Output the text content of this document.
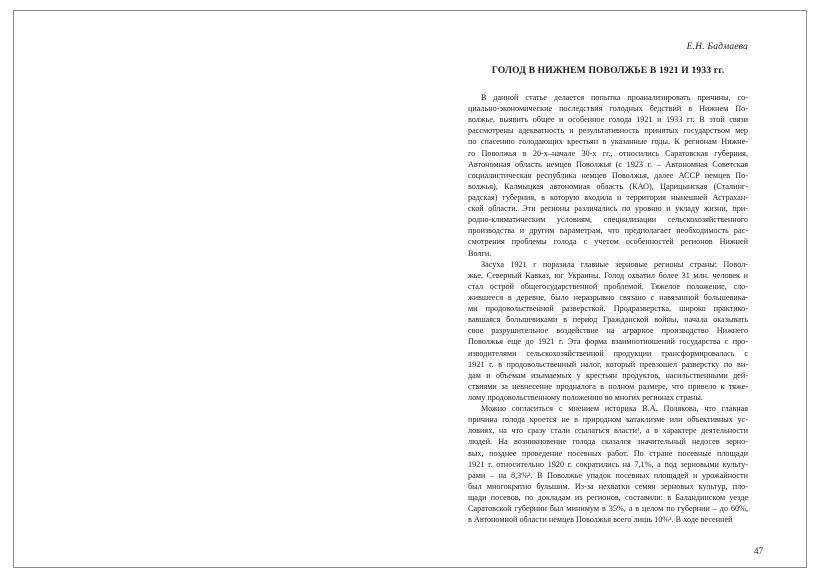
Е.Н. Бадмаева
ГОЛОД В НИЖНЕМ ПОВОЛЖЬЕ В 1921 И 1933 гг.
В данной статье делается попытка проанализировать причины, со-
циально-экономические последствия голодных бедствий в Нижнем По-
волжье, выявить общее и особенное голода 1921 и 1933 гг. В этой связи
рассмотрены адекватность и результативность принятых государством мер
по спасению голодающих крестьян в указанные годы. К регионам Нижне-
го Поволжья в 20-х–начале 30-х гг., относились Саратовская губерния,
Автономная область немцев Поволжья (с 1923 г. – Автономная Советская
социалистическая республика немцев Поволжья, далее АССР немцев По-
волжья), Калмыцкая автономная область (КАО), Царицынская (Сталинг-
радская) губерния, в которую входила и территория нынешней Астрахан-
ской области. Эти регионы различались по уровню и укладу жизни, при-
родно-климатическим условиям, специализации сельскохозяйственного
производства и другим параметрам, что предполагает необходимость рас-
смотрения проблемы голода с учетом особенностей регионов Нижней
Волги.
Засуха 1921 г поразила главные зерновые регионы страны: Повол-
жье, Северный Кавказ, юг Украины. Голод охватил более 31 млн. человек и
стал острой общегосударственной проблемой. Тяжелое положение, сло-
жившееся в деревне, было неразрывно связано с навязанной большевика-
ми продовольственной разверсткой. Продразверстка, широко практико-
вавшаяся большевиками в период Гражданской войны, начала оказывать
свое разрушительное воздействие на аграрное производство Нижнего
Поволжья еще до 1921 г. Эта форма взаимоотношений государства с про-
изводителями сельскохозяйственной продукции трансформировалась с
1921 г. в продовольственный налог, который превзошел разверстку по ви-
дам и объемам изымаемых у крестьян продуктов, насильственными дей-
ствиями за невнесение продналога в полном размере, что привело к тяже-
лому продовольственному положению во многих регионах страны.
Можно согласиться с мнением историка В.А. Полякова, что главная
причина голода кроется не в природном катаклизме или объективных ус-
ловиях, на что сразу стали ссылаться власти¹, а в характере деятельности
людей. На возникновение голода сказался значительный недосев зерно-
вых, позднее проведение посевных работ. По стране посевные площади
1921 г. относительно 1920 г. сократились на 7,1%, а под зерновыми культу-
рами – на 8,3%². В Поволжье упадок посевных площадей и урожайности
был многократно бульшим. Из-за нехватки семян зерновых культур, пло-
щади посевов, по докладам из регионов, составили: в Баландинском уезде
Саратовской губернии был минимум в 35%, а в целом по губернии – до 60%,
в Автономной области немцев Поволжья всего лишь 10%³. В ходе весенней
47
